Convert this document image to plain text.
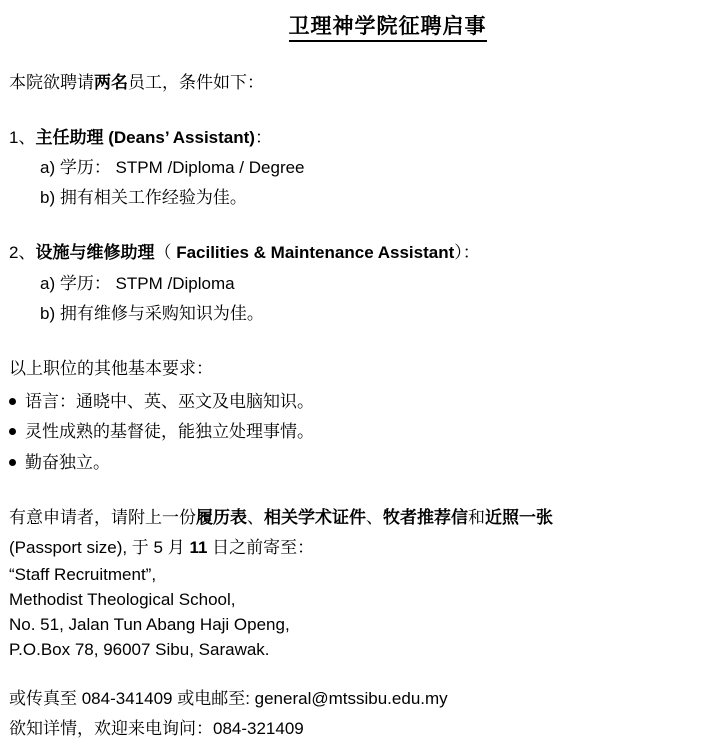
卫理神学院征聘启事
本院欲聘请两名员工，条件如下：
1、主任助理 (Deans’ Assistant)：
a) 学历： STPM /Diploma / Degree
b) 拥有相关工作经验为佳。
2、设施与维修助理（ Facilities & Maintenance Assistant）：
a) 学历： STPM /Diploma
b) 拥有维修与采购知识为佳。
以上职位的其他基本要求：
语言：通晓中、英、巫文及电脑知识。
灵性成熟的基督徒，能独立处理事情。
勤奋独立。
有意申请者，请附上一份履历表、相关学术证件、牧者推荐信和近照一张
(Passport size), 于 5 月 11 日之前寄至：
“Staff Recruitment”,
Methodist Theological School,
No. 51, Jalan Tun Abang Haji Openg,
P.O.Box 78, 96007 Sibu, Sarawak.
或传真至 084-341409 或电邮至: general@mtssibu.edu.my
欲知详情，欢迎来电询问：084-321409
